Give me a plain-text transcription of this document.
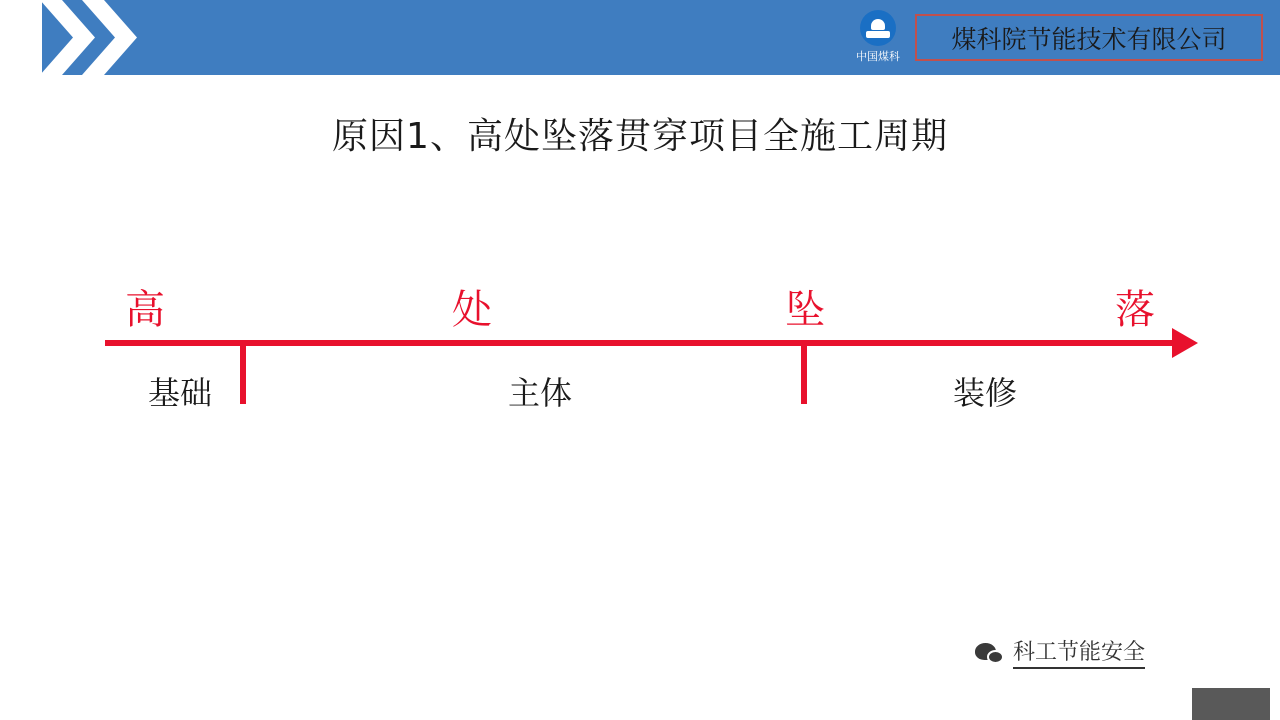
中国煤科
煤科院节能技术有限公司
原因1、高处坠落贯穿项目全施工周期
高	处	坠	落
基础	主体	装修
科工节能安全
